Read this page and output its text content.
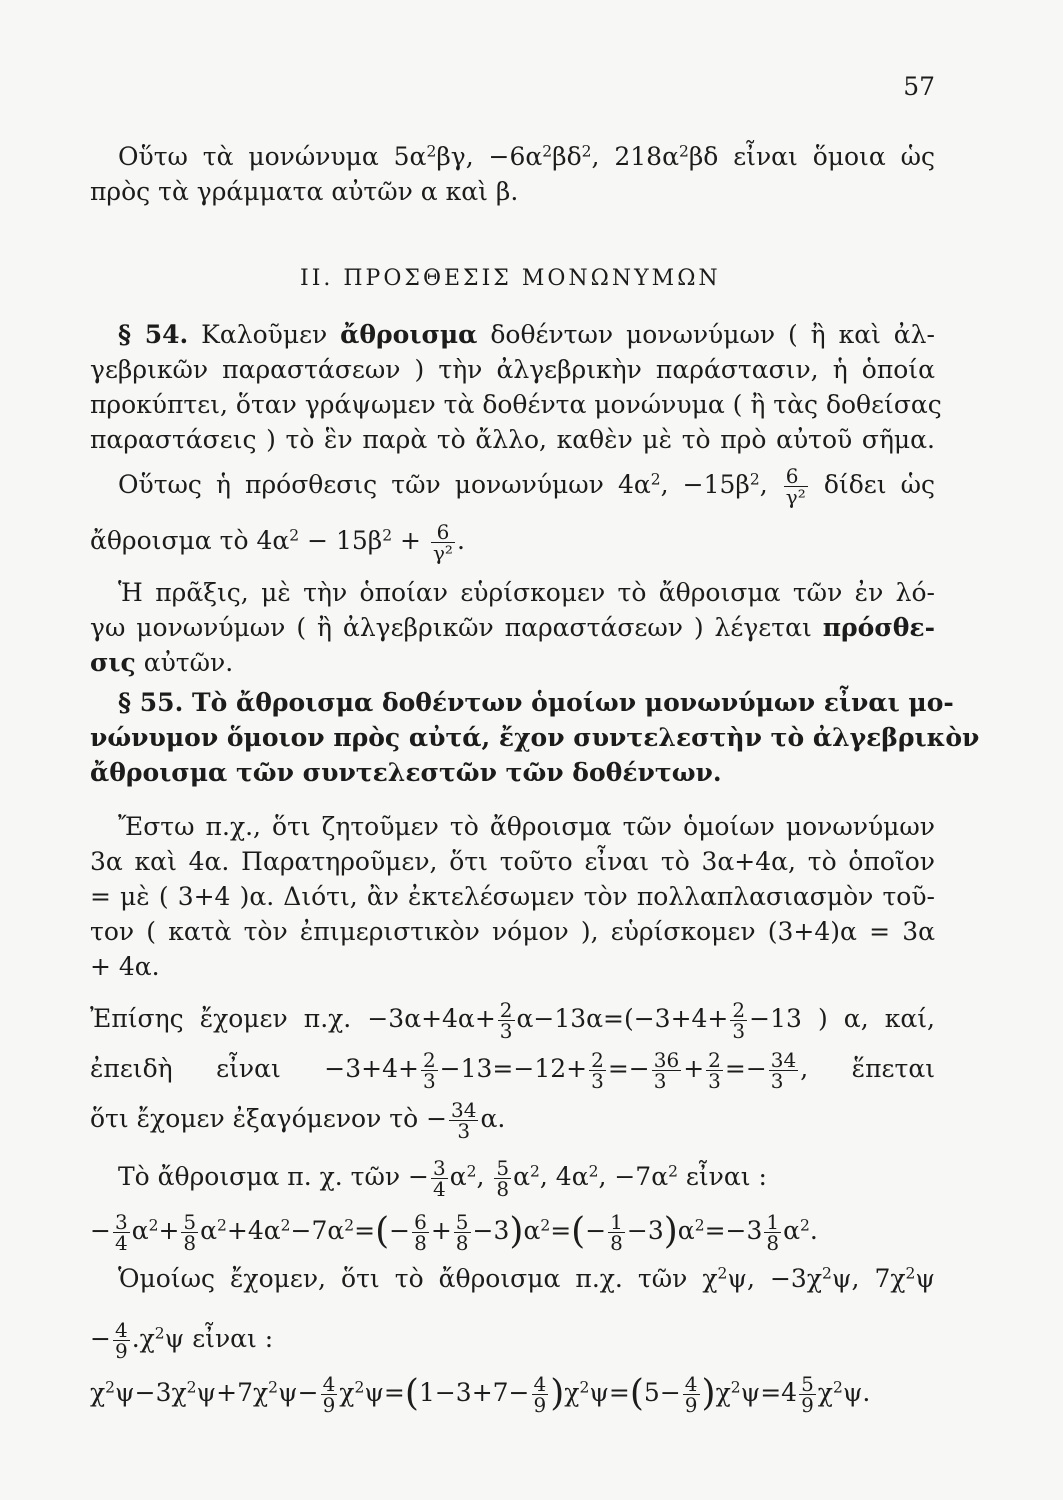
57
Οὕτω τὰ μονώνυμα $5\alpha^2\beta\gamma$, $-6\alpha^2\beta\delta^2$, $218\alpha^2\beta\delta$ εἶναι ὅμοια ὡς
πρὸς τὰ γράμματα αὐτῶν α καὶ β.
ΙΙ. ΠΡΟΣΘΕΣΙΣ ΜΟΝΩΝΥΜΩΝ
§ 54. Καλοῦμεν ἄθροισμα δοθέντων μονωνύμων ( ἢ καὶ ἀλ-
γεβρικῶν παραστάσεων ) τὴν ἀλγεβρικὴν παράστασιν, ἡ ὁποία
προκύπτει, ὅταν γράψωμεν τὰ δοθέντα μονώνυμα ( ἢ τὰς δοθείσας
παραστάσεις ) τὸ ἓν παρὰ τὸ ἄλλο, καθὲν μὲ τὸ πρὸ αὐτοῦ σῆμα.
Οὕτως ἡ πρόσθεσις τῶν μονωνύμων $4\alpha^2$, $-15\beta^2$, $\frac{6}{\text{γ²}}$ δίδει ὡς
ἄθροισμα τὸ $4\alpha^2 - 15\beta^2 + \frac{6}{\text{γ²}}$ .
Ἡ πρᾶξις, μὲ τὴν ὁποίαν εὑρίσκομεν τὸ ἄθροισμα τῶν ἐν λό-
γω μονωνύμων ( ἢ ἀλγεβρικῶν παραστάσεων ) λέγεται πρόσθε-
σις αὐτῶν.
§ 55. Τὸ ἄθροισμα δοθέντων ὁμοίων μονωνύμων εἶναι μο-
νώνυμον ὅμοιον πρὸς αὐτά, ἔχον συντελεστὴν τὸ ἀλγεβρικὸν
ἄθροισμα τῶν συντελεστῶν τῶν δοθέντων.
Ἔστω π.χ., ὅτι ζητοῦμεν τὸ ἄθροισμα τῶν ὁμοίων μονωνύμων
3α καὶ 4α. Παρατηροῦμεν, ὅτι τοῦτο εἶναι τὸ 3α+4α, τὸ ὁποῖον
= μὲ ( 3+4 )α. Διότι, ἂν ἐκτελέσωμεν τὸν πολλαπλασιασμὸν τοῦ-
τον ( κατὰ τὸν ἐπιμεριστικὸν νόμον ), εὑρίσκομεν (3+4)α = 3α
+ 4α.
Ἐπίσης ἔχομεν π.χ. $-3\alpha+4\alpha+ \frac{2}{3} \alpha-13\alpha=(-3+4+ \frac{2}{3} -13$ ) α, καί,
ἐπειδὴ εἶναι $-3+4+ \frac{2}{3} -13=-12+ \frac{2}{3} =- \frac{36}{3} + \frac{2}{3} =- \frac{34}{3}$ , ἕπεται
ὅτι ἔχομεν ἐξαγόμενον τὸ − $\frac{34}{3} \alpha$.
Τὸ ἄθροισμα π. χ. τῶν − $\frac{3}{4} \alpha^2$, $\frac{5}{8} \alpha^2$, $4\alpha^2$, $-7\alpha^2$ εἶναι :
− $\frac{3}{4} \alpha^2+ \frac{5}{8} \alpha^2+4\alpha^2-7\alpha^2=(- \frac{6}{8} + \frac{5}{8} -3)\alpha^2=(- \frac{1}{8} -3)\alpha^2=-3 \frac{1}{8} \alpha^2$.
Ὁμοίως ἔχομεν, ὅτι τὸ ἄθροισμα π.χ. τῶν $\chi^2\psi$, $-3\chi^2\psi$, $7\chi^2\psi$
− $\frac{4}{9} .\chi^2\psi$ εἶναι :
$\chi^2\psi-3\chi^2\psi+7\chi^2\psi- \frac{4}{9} \chi^2\psi=(1-3+7- \frac{4}{9} )\chi^2\psi=(5- \frac{4}{9} )\chi^2\psi=4 \frac{5}{9} \chi^2\psi$.
